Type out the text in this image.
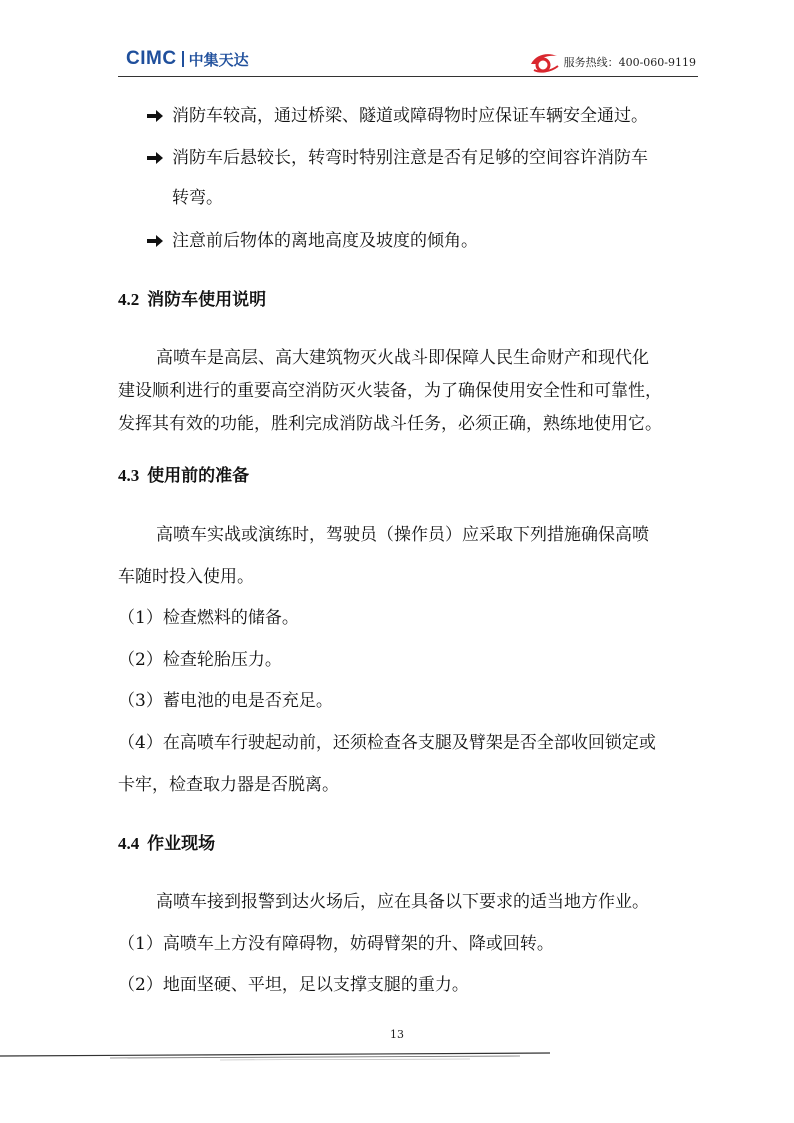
CIMC 中集天达	服务热线：400-060-9119
消防车较高，通过桥梁、隧道或障碍物时应保证车辆安全通过。
消防车后悬较长，转弯时特别注意是否有足够的空间容许消防车
转弯。
注意前后物体的离地高度及坡度的倾角。
4.2 消防车使用说明
高喷车是高层、高大建筑物灭火战斗即保障人民生命财产和现代化
建设顺利进行的重要高空消防灭火装备，为了确保使用安全性和可靠性，
发挥其有效的功能，胜利完成消防战斗任务，必须正确，熟练地使用它。
4.3 使用前的准备
高喷车实战或演练时，驾驶员（操作员）应采取下列措施确保高喷
车随时投入使用。
（1）检查燃料的储备。
（2）检查轮胎压力。
（3）蓄电池的电是否充足。
（4）在高喷车行驶起动前，还须检查各支腿及臂架是否全部收回锁定或
卡牢，检查取力器是否脱离。
4.4 作业现场
高喷车接到报警到达火场后，应在具备以下要求的适当地方作业。
（1）高喷车上方没有障碍物，妨碍臂架的升、降或回转。
（2）地面坚硬、平坦，足以支撑支腿的重力。
13
